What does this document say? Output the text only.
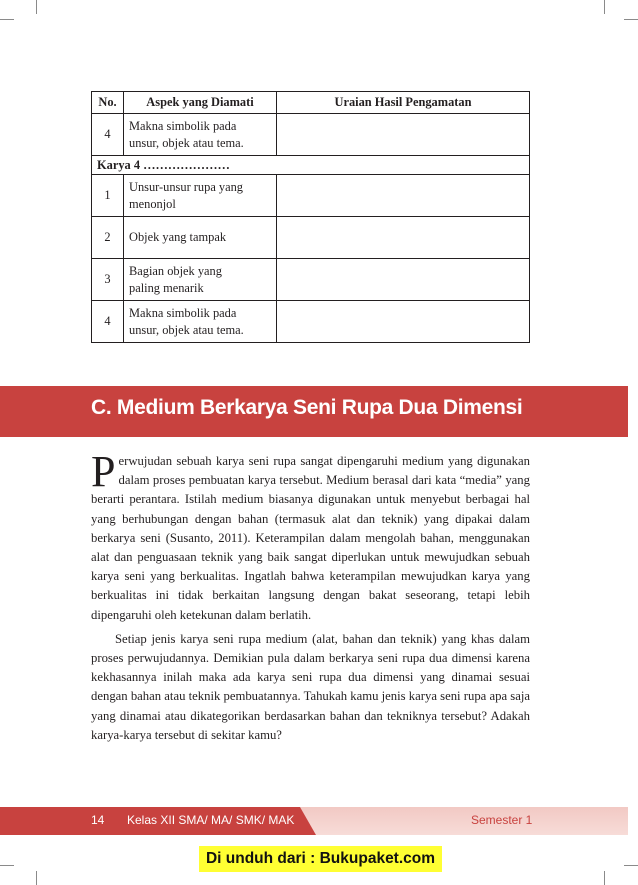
No.	Aspek yang Diamati	Uraian Hasil Pengamatan
4	Makna simbolik pada
unsur, objek atau tema.	
Karya 4 …………………		
1	Unsur-unsur rupa yang
menonjol	
2	Objek yang tampak	
3	Bagian objek yang
paling menarik	
4	Makna simbolik pada
unsur, objek atau tema.	
C. Medium Berkarya Seni Rupa Dua Dimensi

Perwujudan sebuah karya seni rupa sangat dipengaruhi medium yang digunakan dalam proses pembuatan karya tersebut. Medium berasal dari kata “media” yang berarti perantara. Istilah medium biasanya digunakan untuk menyebut berbagai hal yang berhubungan dengan bahan (termasuk alat dan teknik) yang dipakai dalam berkarya seni (Susanto, 2011). Keterampilan dalam mengolah bahan, menggunakan alat dan penguasaan teknik yang baik sangat diperlukan untuk mewujudkan sebuah karya seni yang berkualitas. Ingatlah bahwa keterampilan mewujudkan karya yang berkualitas ini tidak berkaitan langsung dengan bakat seseorang, tetapi lebih dipengaruhi oleh ketekunan dalam berlatih.

Setiap jenis karya seni rupa medium (alat, bahan dan teknik) yang khas dalam proses perwujudannya. Demikian pula dalam berkarya seni rupa dua dimensi karena kekhasannya inilah maka ada karya seni rupa dua dimensi yang dinamai sesuai dengan bahan atau teknik pembuatannya. Tahukah kamu jenis karya seni rupa apa saja yang dinamai atau dikategorikan berdasarkan bahan dan tekniknya tersebut? Adakah karya-karya tersebut di sekitar kamu?

14 Kelas XII SMA/ MA/ SMK/ MAK	Semester 1
Di unduh dari : Bukupaket.com
